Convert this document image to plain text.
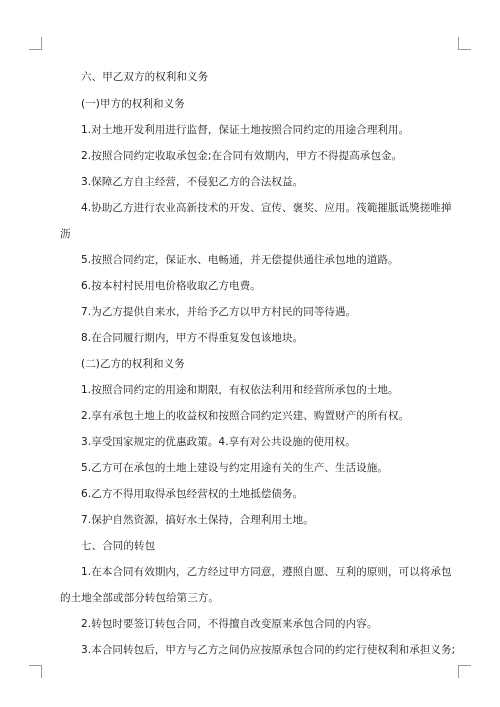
六、甲乙双方的权利和义务
(一)甲方的权利和义务
1.对土地开发利用进行监督，保证土地按照合同约定的用途合理利用。
2.按照合同约定收取承包金;在合同有效期内，甲方不得提高承包金。
3.保障乙方自主经营，不侵犯乙方的合法权益。
4.协助乙方进行农业高新技术的开发、宣传、褒奖、应用。筏範摧胝诋獎搓唯掸
沥
5.按照合同约定，保证水、电畅通，并无偿提供通往承包地的道路。
6.按本村村民用电价格收取乙方电费。
7.为乙方提供自来水，并给予乙方以甲方村民的同等待遇。
8.在合同履行期内，甲方不得重复发包该地块。
(二)乙方的权利和义务
1.按照合同约定的用途和期限，有权依法利用和经营所承包的土地。
2.享有承包土地上的收益权和按照合同约定兴建、购置财产的所有权。
3.享受国家规定的优惠政策。4.享有对公共设施的使用权。
5.乙方可在承包的土地上建设与约定用途有关的生产、生活设施。
6.乙方不得用取得承包经营权的土地抵偿债务。
7.保护自然资源，搞好水土保持，合理利用土地。
七、合同的转包
1.在本合同有效期内，乙方经过甲方同意，遵照自愿、互利的原则，可以将承包
的土地全部或部分转包给第三方。
2.转包时要签订转包合同，不得擅自改变原来承包合同的内容。
3.本合同转包后，甲方与乙方之间仍应按原承包合同的约定行使权利和承担义务;
